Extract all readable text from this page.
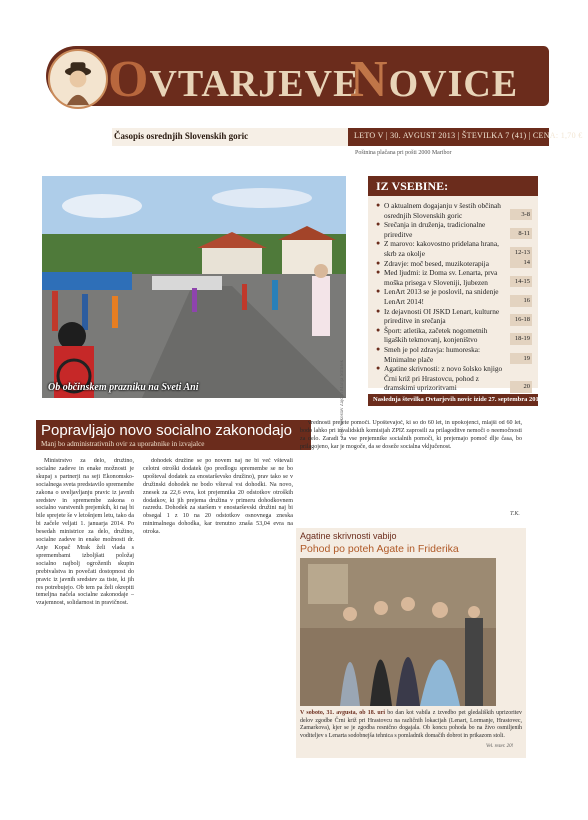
OVTARJEVE
NOVICE
Časopis osrednjih Slovenskih goric	LETO V | 30. AVGUST 2013 | ŠTEVILKA 7 (41) | CENA: 1,70 €
Poštnina plačana pri pošti 2000 Maribor
Ob občinskem prazniku na Sveti Ani	Foto: Vekoslav Zajc in Marija Strmšek
IZ VSEBINE:
● O aktualnem dogajanju v šestih občinah osrednjih Slovenskih goric	3-8
● Srečanja in druženja, tradicionalne prireditve	8-11
● Z marovo: kakovostno pridelana hrana, skrb za okolje	12-13
● Zdravje: moč besed, muzikoterapija	14
● Med ljudmi: iz Doma sv. Lenarta, prva moška prisega v Sloveniji, ljubezen	14-15
● LenArt 2013 se je poslovil, na snidenje LenArt 2014!	16
● Iz dejavnosti OI JSKD Lenart, kulturne prireditve in srečanja	16-18
● Šport: atletika, začetek nogometnih ligaških tekmovanj, konjeništvo	18-19
● Smeh je pol zdravja: humoreska: Minimalne plače	19
● Agatine skrivnosti: z novo šolsko knjigo Črni križ pri Hrastovcu, pohod z dramskimi uprizoritvami	20
Naslednja številka Ovtarjevih novic izide 27. septembra 2013
Popravljajo novo socialno zakonodajo
Manj bo administrativnih ovir za uporabnike in izvajalce

Ministrstvo za delo, družino, socialne zadeve in enake možnosti je skupaj s partnerji na seji Ekonomsko-socialnega sveta predstavilo spremembe zakona o uveljavljanju pravic iz javnih sredstev in spremembe zakona o socialno varstvenih prejemkih, ki naj bi bile sprejete še v letošnjem letu, tako da bi začele veljati 1. januarja 2014. Po besedah ministrice za delo, družino, socialne zadeve in enake možnosti dr. Anje Kopač Mrak želi vlada s spremembami izboljšati položaj socialno najbolj ogroženih skupin prebivalstva in povečati dostopnost do pravic iz javnih sredstev za tiste, ki jih res potrebujejo. Ob tem pa želi okrepiti temeljna načela socialne zakonodaje – vzajemnost, solidarnost in pravičnost.

dohodek družine se po novem naj ne bi več vštevali celotni otroški dodatek (po predlogu spremembe se ne bo upošteval dodatek za enostarševsko družino), prav tako se v družinski dohodek ne bodo všteval vsi dohodki. Na novo, znesek za 22,6 evra, kot prejemnika 20 odstotkov otroških dodatkov, ki jih prejema družina v primeru dohodkovnem razredu. Dohodek za staršem v enostarševski družini naj bi obsegal 1 z 10 na 20 odstotkov osnovnega zneska minimalnega dohodka, kar trenutno znaša 53,04 evra na otroka.

vrednosti prejete pomoči. Upoštevajoč, ki so do 60 let, in upokojenci, mlajši od 60 let, bodo lahko pri invalidskih komisijah ZPIZ zaprosili za prilagoditve nemoči o neemočnosti za delo. Zaradi za vse prejemnike socialnih pomoči, ki prejemajo pomoč dlje časa, bo prilagojeno, kar je mogoče, da se doseže socialna vključenost.

T.K.
Agatine skrivnosti vabijo
Pohod po poteh Agate in Friderika
V soboto, 31. avgusta, ob 18. uri bo dan kot vabila z izvedbo pet gledaliških uprizoritev delov zgodbe Črni križ pri Hrastovcu na različnih lokacijah (Lenart, Lormanje, Hrastovec, Zamarkova), kjer se je zgodba resnično dogajala. Ob koncu pohoda bo na živo osmiljenih voditeljev s Lenarta sodobnejša tehnica s pomladnik domačih dobrot in prikazom stoli.
Vel. rezer. 20!
